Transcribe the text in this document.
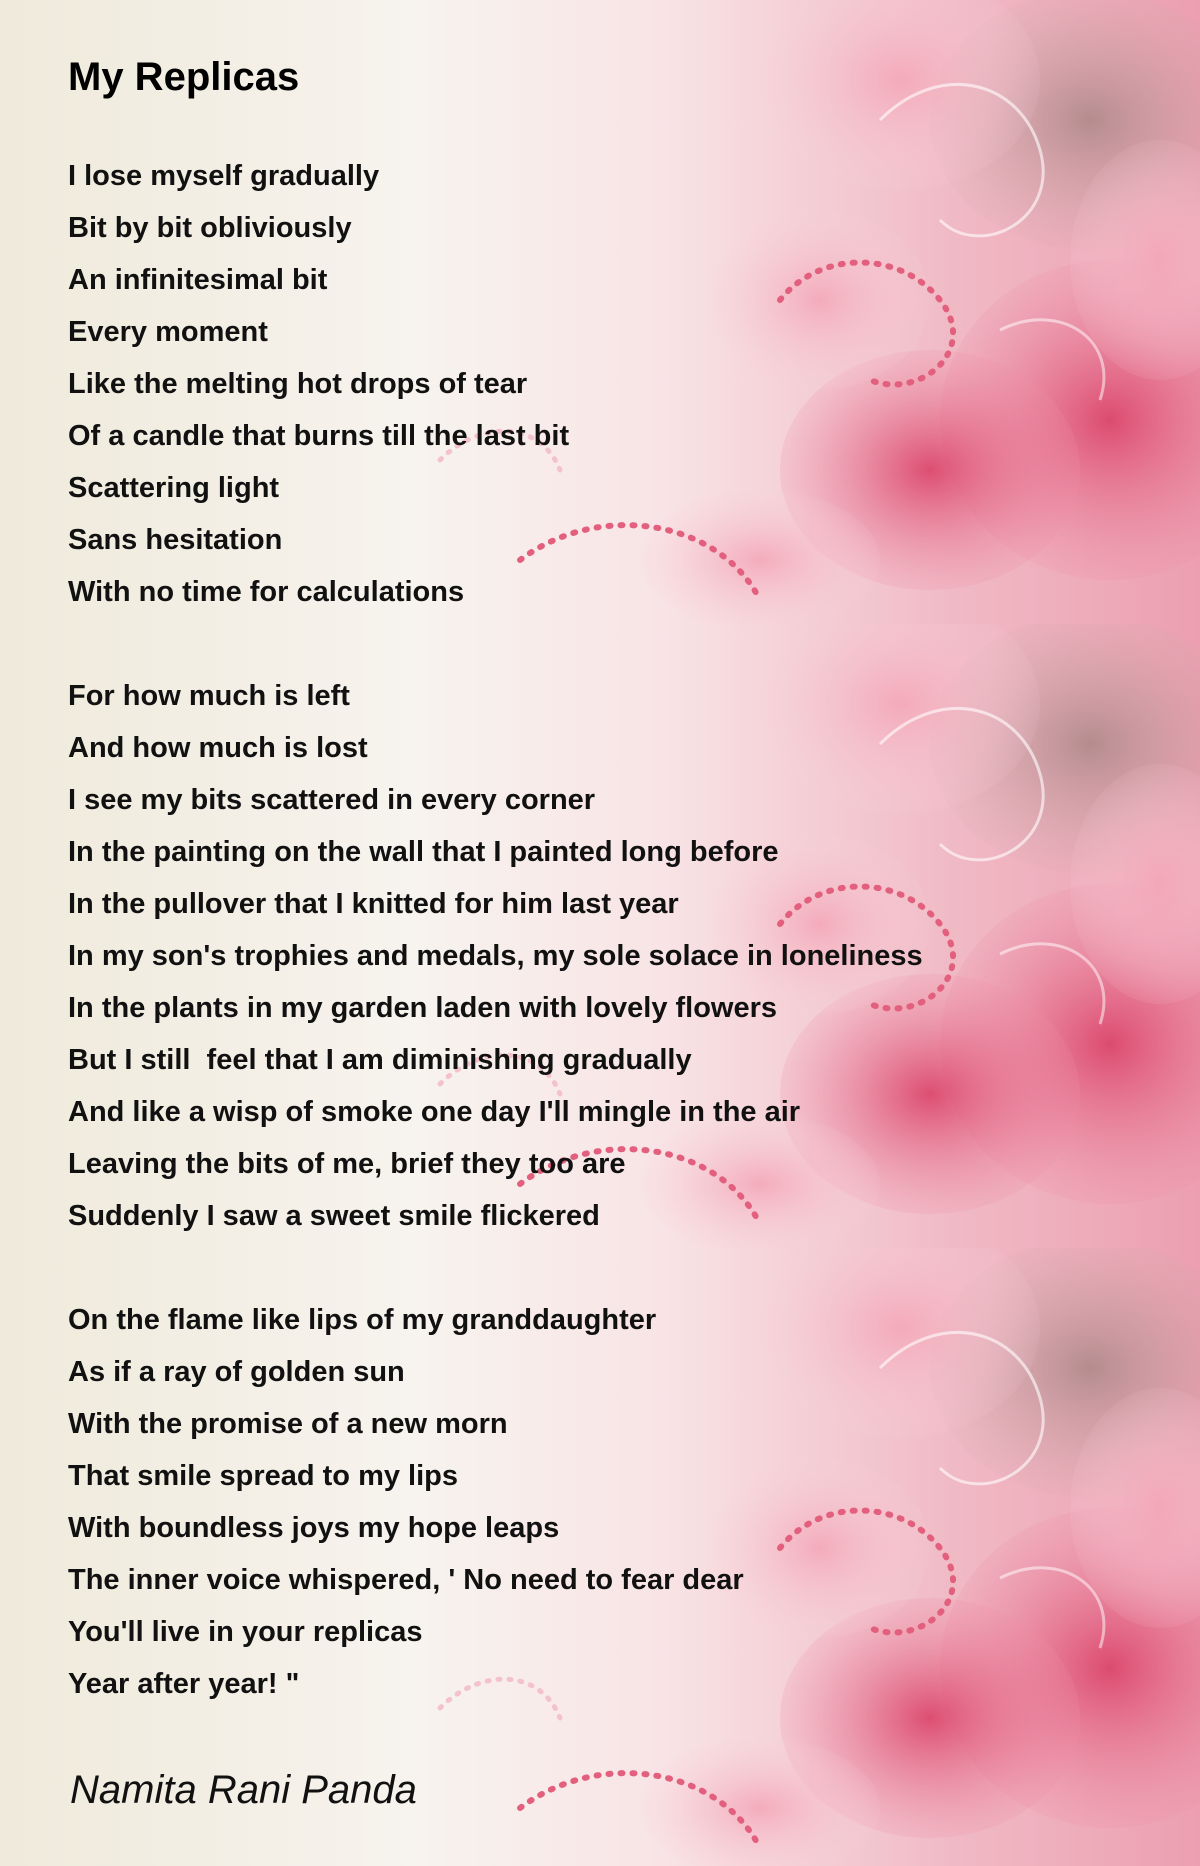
My Replicas
I lose myself gradually
Bit by bit obliviously
An infinitesimal bit
Every moment
Like the melting hot drops of tear
Of a candle that burns till the last bit
Scattering light
Sans hesitation
With no time for calculations
For how much is left
And how much is lost
I see my bits scattered in every corner
In the painting on the wall that I painted long before
In the pullover that I knitted for him last year
In my son's trophies and medals, my sole solace in loneliness
In the plants in my garden laden with lovely flowers
But I still  feel that I am diminishing gradually
And like a wisp of smoke one day I'll mingle in the air
Leaving the bits of me, brief they too are
Suddenly I saw a sweet smile flickered
On the flame like lips of my granddaughter
As if a ray of golden sun
With the promise of a new morn
That smile spread to my lips
With boundless joys my hope leaps
The inner voice whispered, ' No need to fear dear
You'll live in your replicas
Year after year! "
Namita Rani Panda
